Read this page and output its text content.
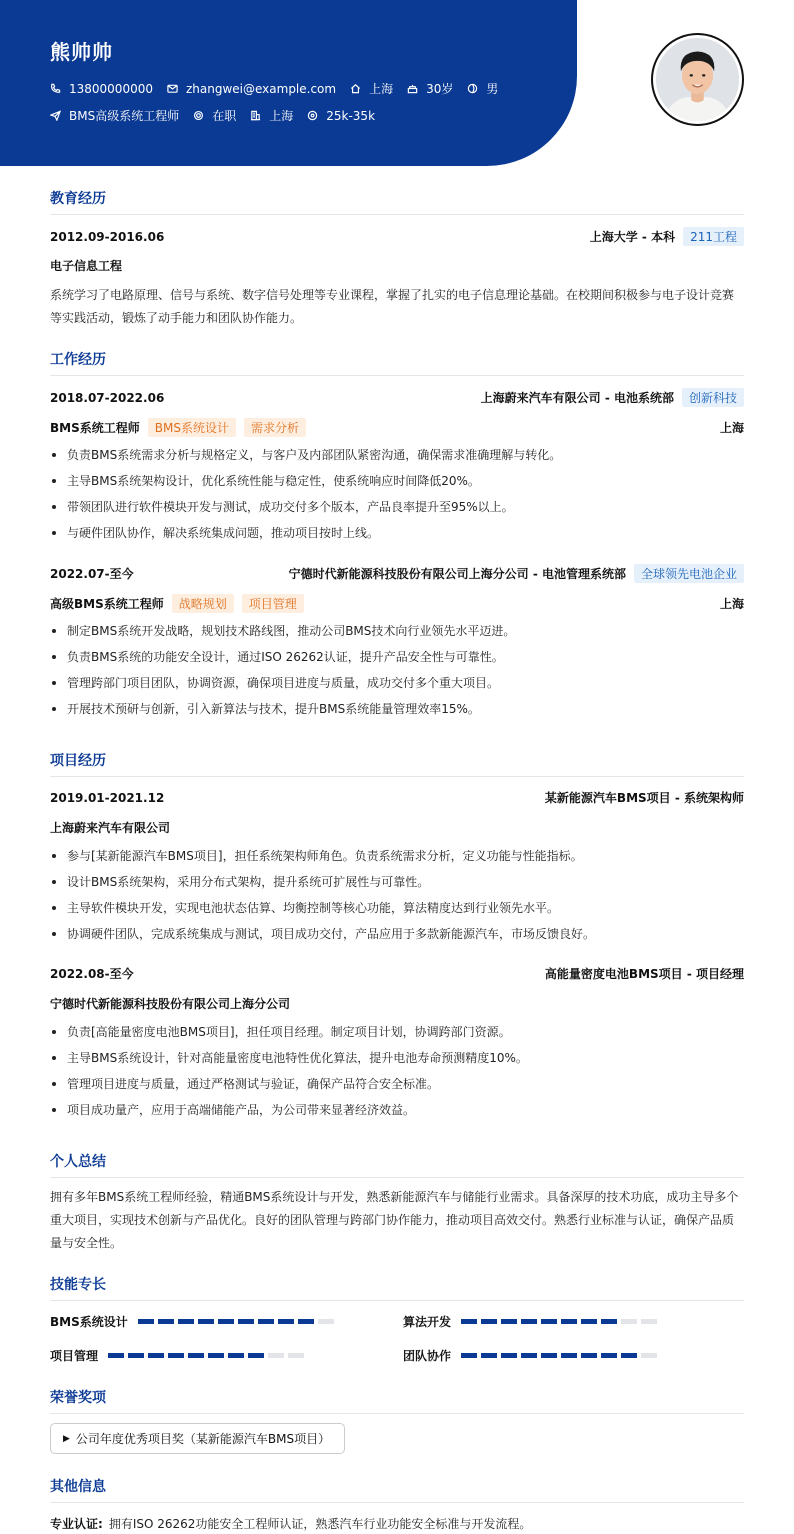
熊帅帅
13800000000	zhangwei@example.com	上海	30岁	男
BMS高级系统工程师	在职	上海	25k-35k
教育经历
2012.09-2016.06	上海大学 - 本科	211工程
电子信息工程
系统学习了电路原理、信号与系统、数字信号处理等专业课程，掌握了扎实的电子信息理论基础。在校期间积极参与电子设计竞赛等实践活动，锻炼了动手能力和团队协作能力。
工作经历
2018.07-2022.06	上海蔚来汽车有限公司 - 电池系统部	创新科技
BMS系统工程师	BMS系统设计	需求分析	上海
负责BMS系统需求分析与规格定义，与客户及内部团队紧密沟通，确保需求准确理解与转化。
主导BMS系统架构设计，优化系统性能与稳定性，使系统响应时间降低20%。
带领团队进行软件模块开发与测试，成功交付多个版本，产品良率提升至95%以上。
与硬件团队协作，解决系统集成问题，推动项目按时上线。
2022.07-至今	宁德时代新能源科技股份有限公司上海分公司 - 电池管理系统部	全球领先电池企业
高级BMS系统工程师	战略规划	项目管理	上海
制定BMS系统开发战略，规划技术路线图，推动公司BMS技术向行业领先水平迈进。
负责BMS系统的功能安全设计，通过ISO 26262认证，提升产品安全性与可靠性。
管理跨部门项目团队，协调资源，确保项目进度与质量，成功交付多个重大项目。
开展技术预研与创新，引入新算法与技术，提升BMS系统能量管理效率15%。
项目经历
2019.01-2021.12	某新能源汽车BMS项目 - 系统架构师
上海蔚来汽车有限公司
参与[某新能源汽车BMS项目]，担任系统架构师角色。负责系统需求分析，定义功能与性能指标。
设计BMS系统架构，采用分布式架构，提升系统可扩展性与可靠性。
主导软件模块开发，实现电池状态估算、均衡控制等核心功能，算法精度达到行业领先水平。
协调硬件团队，完成系统集成与测试，项目成功交付，产品应用于多款新能源汽车，市场反馈良好。
2022.08-至今	高能量密度电池BMS项目 - 项目经理
宁德时代新能源科技股份有限公司上海分公司
负责[高能量密度电池BMS项目]，担任项目经理。制定项目计划，协调跨部门资源。
主导BMS系统设计，针对高能量密度电池特性优化算法，提升电池寿命预测精度10%。
管理项目进度与质量，通过严格测试与验证，确保产品符合安全标准。
项目成功量产，应用于高端储能产品，为公司带来显著经济效益。
个人总结
拥有多年BMS系统工程师经验，精通BMS系统设计与开发，熟悉新能源汽车与储能行业需求。具备深厚的技术功底，成功主导多个重大项目，实现技术创新与产品优化。良好的团队管理与跨部门协作能力，推动项目高效交付。熟悉行业标准与认证，确保产品质量与安全性。
技能专长
BMS系统设计	算法开发
项目管理	团队协作
荣誉奖项
▶ 公司年度优秀项目奖（某新能源汽车BMS项目）
其他信息
专业认证: 拥有ISO 26262功能安全工程师认证，熟悉汽车行业功能安全标准与开发流程。
